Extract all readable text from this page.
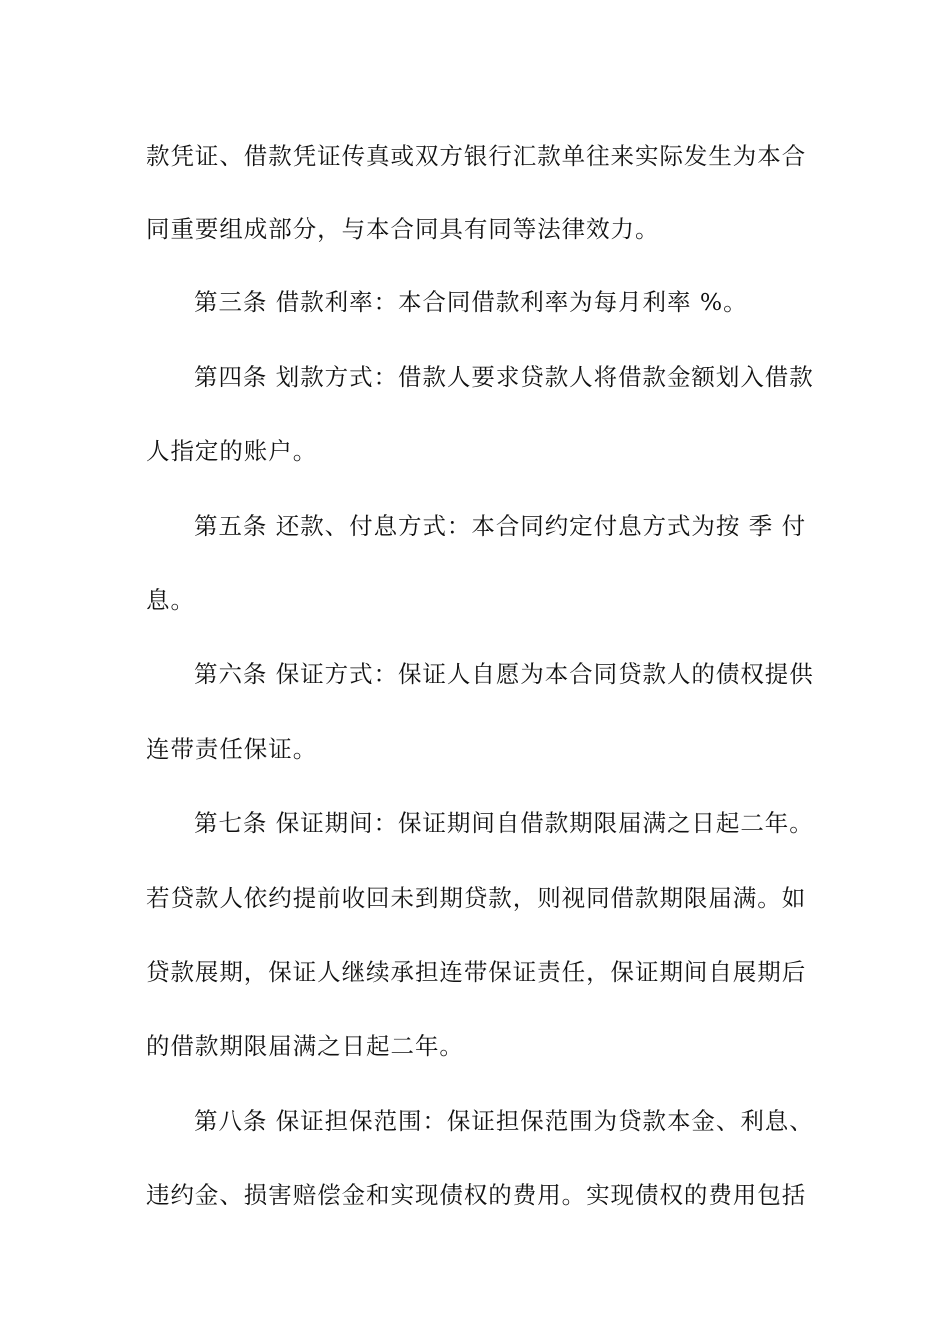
款凭证、借款凭证传真或双方银行汇款单往来实际发生为本合
同重要组成部分，与本合同具有同等法律效力。
第三条 借款利率：本合同借款利率为每月利率 %。
第四条 划款方式：借款人要求贷款人将借款金额划入借款
人指定的账户。
第五条 还款、付息方式：本合同约定付息方式为按 季 付
息。
第六条 保证方式：保证人自愿为本合同贷款人的债权提供
连带责任保证。
第七条 保证期间：保证期间自借款期限届满之日起二年。
若贷款人依约提前收回未到期贷款，则视同借款期限届满。如
贷款展期，保证人继续承担连带保证责任，保证期间自展期后
的借款期限届满之日起二年。
第八条 保证担保范围：保证担保范围为贷款本金、利息、
违约金、损害赔偿金和实现债权的费用。实现债权的费用包括
